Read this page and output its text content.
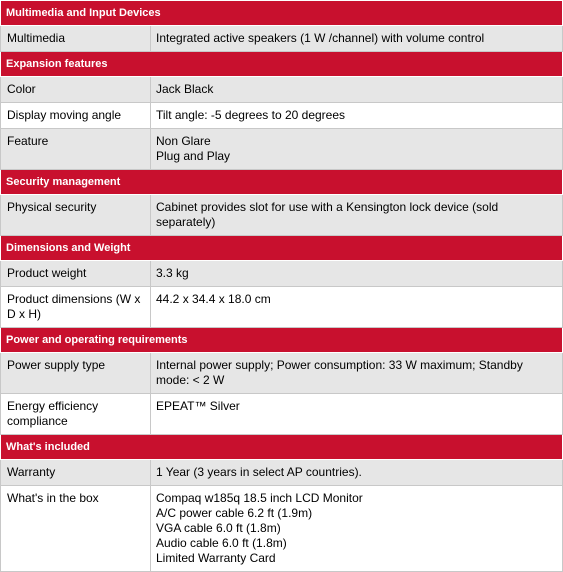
Multimedia and Input Devices	
Multimedia	Integrated active speakers (1 W /channel) with volume control

Expansion features	
Color	Jack Black

Display moving angle	Tilt angle: -5 degrees to 20 degrees

Feature	Non Glare
Plug and Play

Security management	
Physical security	Cabinet provides slot for use with a Kensington lock device (sold separately)

Dimensions and Weight	
Product weight	3.3 kg

Product dimensions (W x D x H)	44.2 x 34.4 x 18.0 cm

Power and operating requirements	
Power supply type	Internal power supply; Power consumption: 33 W maximum; Standby mode: < 2 W

Energy efficiency compliance	EPEAT™ Silver

What's included	
Warranty	1 Year (3 years in select AP countries).

What's in the box	Compaq w185q 18.5 inch LCD Monitor
A/C power cable 6.2 ft (1.9m)
VGA cable 6.0 ft (1.8m)
Audio cable 6.0 ft (1.8m)
Limited Warranty Card
